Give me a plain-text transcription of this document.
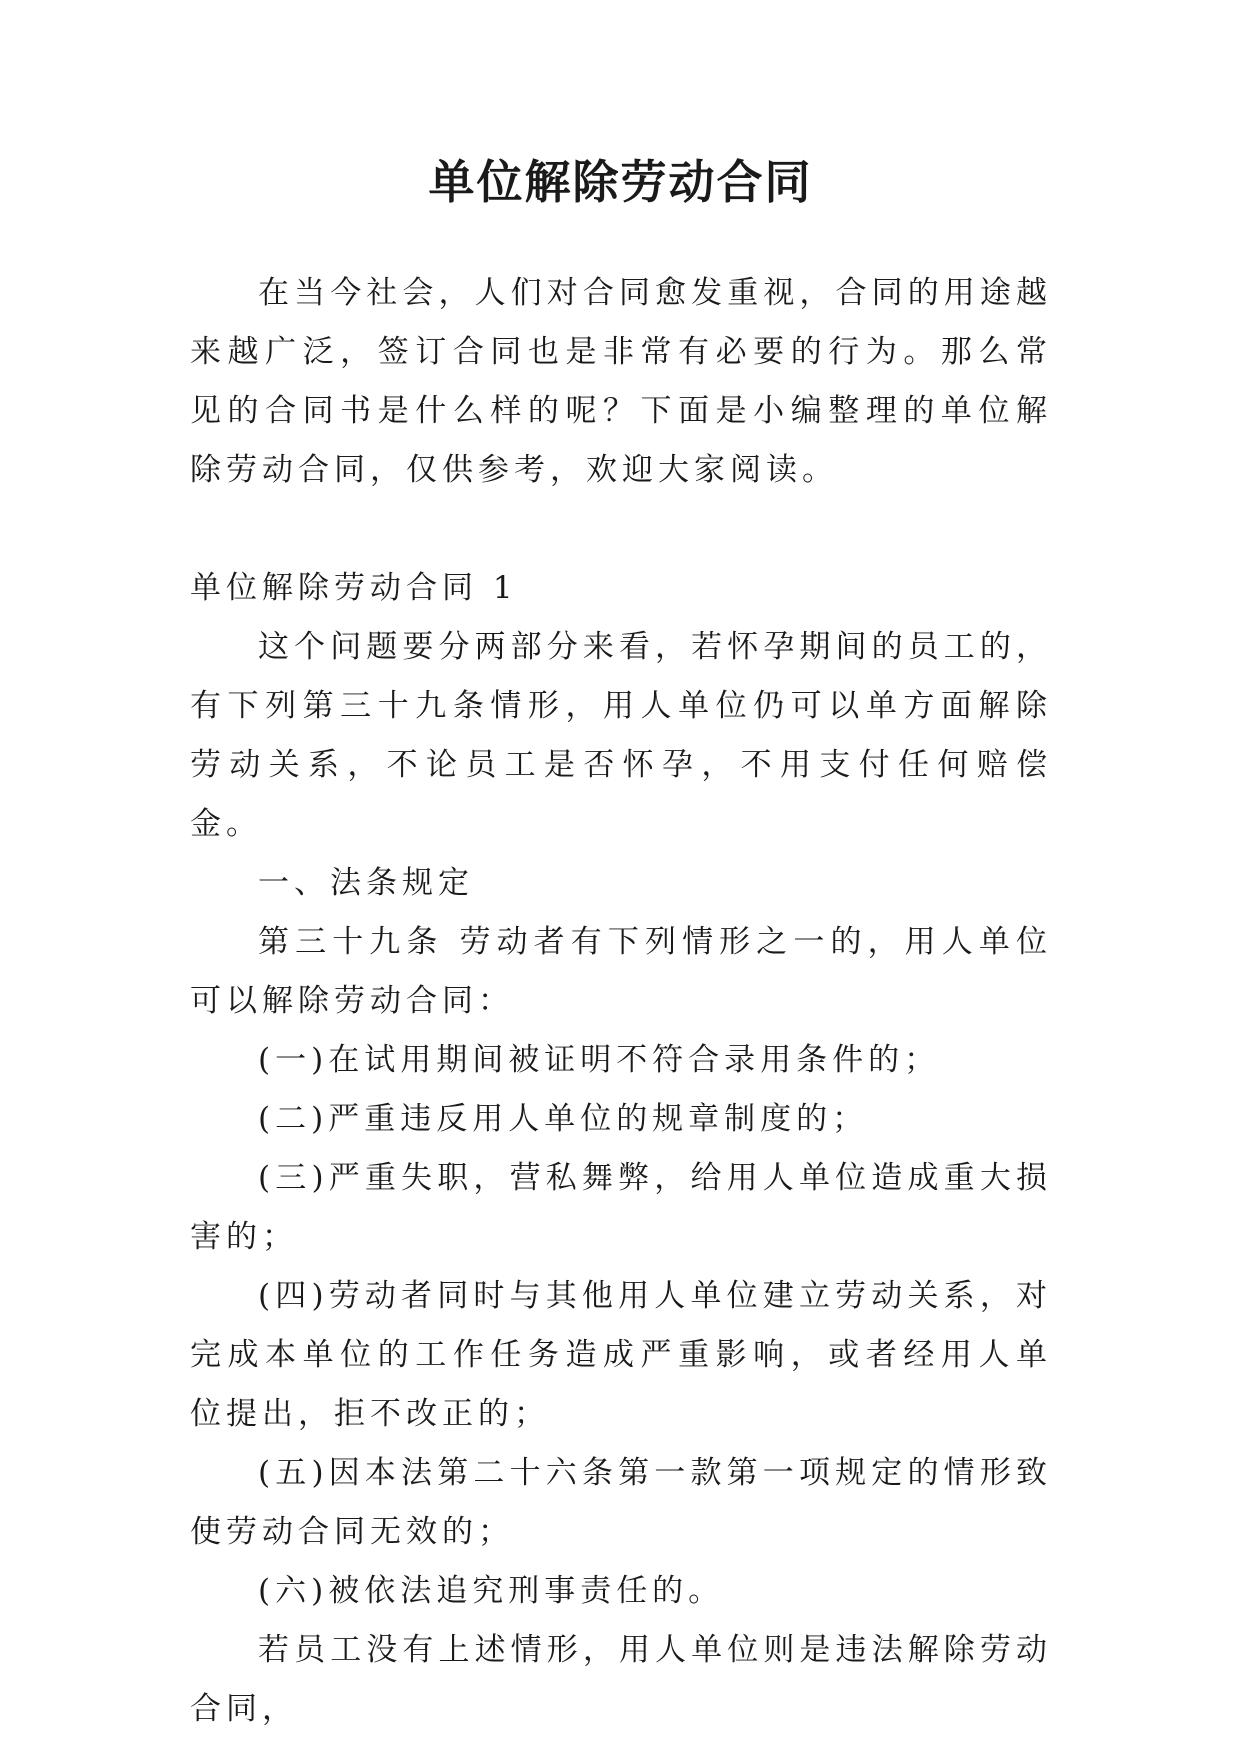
单位解除劳动合同

在当今社会，人们对合同愈发重视，合同的用途越来越广泛，签订合同也是非常有必要的行为。那么常见的合同书是什么样的呢？下面是小编整理的单位解除劳动合同，仅供参考，欢迎大家阅读。

单位解除劳动合同 1

这个问题要分两部分来看，若怀孕期间的员工的，有下列第三十九条情形，用人单位仍可以单方面解除劳动关系，不论员工是否怀孕，不用支付任何赔偿金。

一、法条规定

第三十九条 劳动者有下列情形之一的，用人单位可以解除劳动合同：

(一)在试用期间被证明不符合录用条件的；

(二)严重违反用人单位的规章制度的；

(三)严重失职，营私舞弊，给用人单位造成重大损害的；

(四)劳动者同时与其他用人单位建立劳动关系，对完成本单位的工作任务造成严重影响，或者经用人单位提出，拒不改正的；

(五)因本法第二十六条第一款第一项规定的情形致使劳动合同无效的；

(六)被依法追究刑事责任的。

若员工没有上述情形，用人单位则是违法解除劳动合同，
